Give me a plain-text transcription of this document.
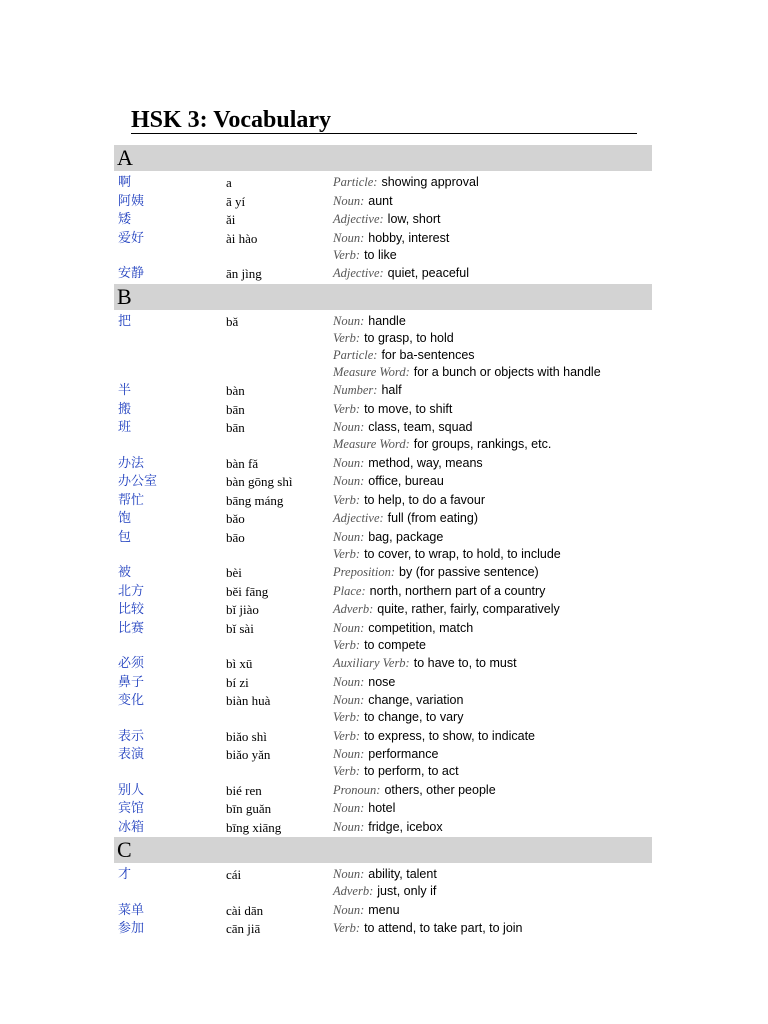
HSK 3: Vocabulary
A
啊	a	Particle: showing approval
阿姨	ā yí	Noun: aunt
矮	ǎi	Adjective: low, short
爱好	ài hào	Noun: hobby, interest
Verb: to like
安静	ān jìng	Adjective: quiet, peaceful
B
把	bǎ	Noun: handle
Verb: to grasp, to hold
Particle: for ba-sentences
Measure Word: for a bunch or objects with handle
半	bàn	Number: half
搬	bān	Verb: to move, to shift
班	bān	Noun: class, team, squad
Measure Word: for groups, rankings, etc.
办法	bàn fǎ	Noun: method, way, means
办公室	bàn gōng shì	Noun: office, bureau
帮忙	bāng máng	Verb: to help, to do a favour
饱	bǎo	Adjective: full (from eating)
包	bāo	Noun: bag, package
Verb: to cover, to wrap, to hold, to include
被	bèi	Preposition: by (for passive sentence)
北方	běi fāng	Place: north, northern part of a country
比较	bǐ jiào	Adverb: quite, rather, fairly, comparatively
比赛	bǐ sài	Noun: competition, match
Verb: to compete
必须	bì xū	Auxiliary Verb: to have to, to must
鼻子	bí zi	Noun: nose
变化	biàn huà	Noun: change, variation
Verb: to change, to vary
表示	biǎo shì	Verb: to express, to show, to indicate
表演	biǎo yǎn	Noun: performance
Verb: to perform, to act
别人	bié ren	Pronoun: others, other people
宾馆	bīn guǎn	Noun: hotel
冰箱	bīng xiāng	Noun: fridge, icebox
C
才	cái	Noun: ability, talent
Adverb: just, only if
菜单	cài dān	Noun: menu
参加	cān jiā	Verb: to attend, to take part, to join
